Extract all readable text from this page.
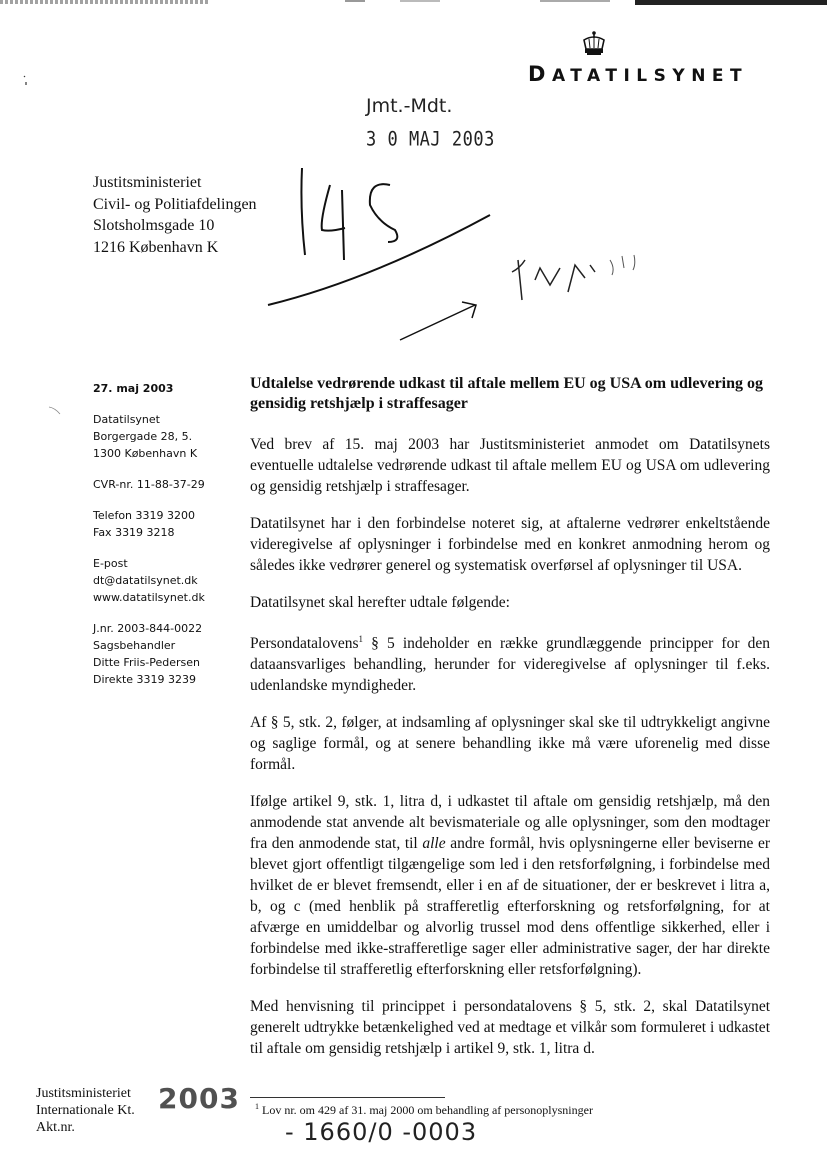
DATATILSYNET
Jmt.-Mdt.
3 0 MAJ 2003
Justitsministeriet
Civil- og Politiafdelingen
Slotsholmsgade 10
1216 København K
27. maj 2003
Datatilsynet
Borgergade 28, 5.
1300 København K
CVR-nr. 11-88-37-29
Telefon 3319 3200
Fax 3319 3218
E-post
dt@datatilsynet.dk
www.datatilsynet.dk
J.nr. 2003-844-0022
Sagsbehandler
Ditte Friis-Pedersen
Direkte 3319 3239
Udtalelse vedrørende udkast til aftale mellem EU og USA om udlevering og gensidig retshjælp i straffesager

Ved brev af 15. maj 2003 har Justitsministeriet anmodet om Datatilsynets eventuelle udtalelse vedrørende udkast til aftale mellem EU og USA om udlevering og gensidig retshjælp i straffesager.

Datatilsynet har i den forbindelse noteret sig, at aftalerne vedrører enkeltstående videregivelse af oplysninger i forbindelse med en konkret anmodning herom og således ikke vedrører generel og systematisk overførsel af oplysninger til USA.

Datatilsynet skal herefter udtale følgende:

Persondatalovens$^1$ § 5 indeholder en række grundlæggende principper for den dataansvarliges behandling, herunder for videregivelse af oplysninger til f.eks. udenlandske myndigheder.

Af § 5, stk. 2, følger, at indsamling af oplysninger skal ske til udtrykkeligt angivne og saglige formål, og at senere behandling ikke må være uforenelig med disse formål.

Ifølge artikel 9, stk. 1, litra d, i udkastet til aftale om gensidig retshjælp, må den anmodende stat anvende alt bevismateriale og alle oplysninger, som den modtager fra den anmodende stat, til alle andre formål, hvis oplysningerne eller beviserne er blevet gjort offentligt tilgængelige som led i den retsforfølgning, i forbindelse med hvilket de er blevet fremsendt, eller i en af de situationer, der er beskrevet i litra a, b, og c (med henblik på strafferetlig efterforskning og retsforfølgning, for at afværge en umiddelbar og alvorlig trussel mod dens offentlige sikkerhed, eller i forbindelse med ikke-strafferetlige sager eller administrative sager, der har direkte forbindelse til strafferetlig efterforskning eller retsforfølgning).

Med henvisning til princippet i persondatalovens § 5, stk. 2, skal Datatilsynet generelt udtrykke betænkelighed ved at medtage et vilkår som formuleret i udkastet til aftale om gensidig retshjælp i artikel 9, stk. 1, litra d.

$^1$ Lov nr. om 429 af 31. maj 2000 om behandling af personoplysninger
Justitsministeriet
Internationale Kt.
Akt.nr.
2003
- 1660/0 -0003
